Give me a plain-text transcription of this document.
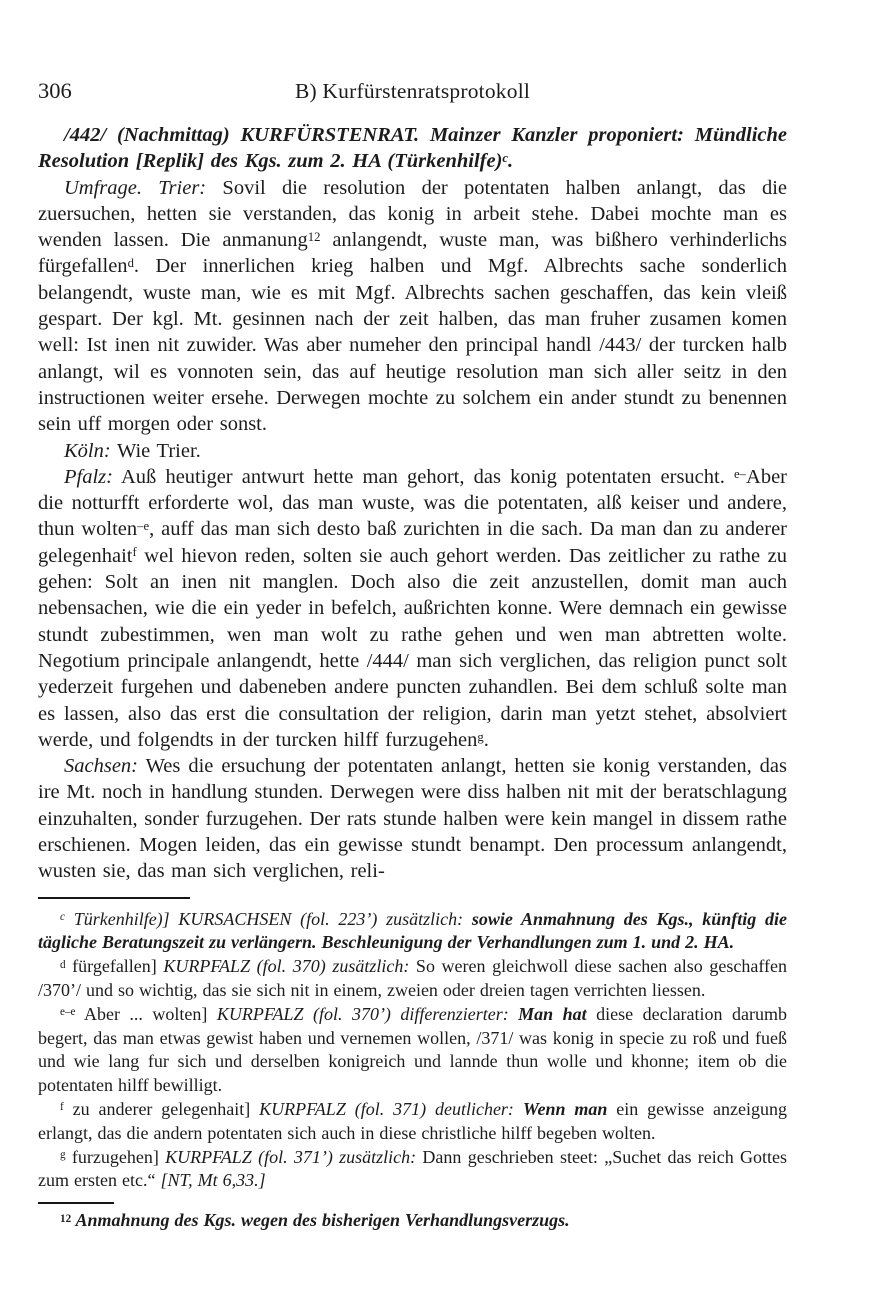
306	B) Kurfürstenratsprotokoll

/442/ (Nachmittag) KURFÜRSTENRAT. Mainzer Kanzler proponiert: Mündliche Resolution [Replik] des Kgs. zum 2. HA (Türkenhilfe)$^c$.

Umfrage. Trier: Sovil die resolution der potentaten halben anlangt, das die zuersuchen, hetten sie verstanden, das konig in arbeit stehe. Dabei mochte man es wenden lassen. Die anmanung$^{12}$ anlangendt, wuste man, was bißhero verhinderlichs fürgefallen$^d$. Der innerlichen krieg halben und Mgf. Albrechts sache sonderlich belangendt, wuste man, wie es mit Mgf. Albrechts sachen geschaffen, das kein vleiß gespart. Der kgl. Mt. gesinnen nach der zeit halben, das man fruher zusamen komen well: Ist inen nit zuwider. Was aber numeher den principal handl /443/ der turcken halb anlangt, wil es vonnoten sein, das auf heutige resolution man sich aller seitz in den instructionen weiter ersehe. Derwegen mochte zu solchem ein ander stundt zu benennen sein uff morgen oder sonst.

Köln: Wie Trier.

Pfalz: Auß heutiger antwurt hette man gehort, das konig potentaten ersucht. $^{e-}$Aber die notturfft erforderte wol, das man wuste, was die potentaten, alß keiser und andere, thun wolten$^{-e}$, auff das man sich desto baß zurichten in die sach. Da man dan zu anderer gelegenhait$^f$ wel hievon reden, solten sie auch gehort werden. Das zeitlicher zu rathe zu gehen: Solt an inen nit manglen. Doch also die zeit anzustellen, domit man auch nebensachen, wie die ein yeder in befelch, außrichten konne. Were demnach ein gewisse stundt zubestimmen, wen man wolt zu rathe gehen und wen man abtretten wolte. Negotium principale anlangendt, hette /444/ man sich verglichen, das religion punct solt yederzeit furgehen und dabeneben andere puncten zuhandlen. Bei dem schluß solte man es lassen, also das erst die consultation der religion, darin man yetzt stehet, absolviert werde, und folgendts in der turcken hilff furzugehen$^g$.

Sachsen: Wes die ersuchung der potentaten anlangt, hetten sie konig verstanden, das ire Mt. noch in handlung stunden. Derwegen were diss halben nit mit der beratschlagung einzuhalten, sonder furzugehen. Der rats stunde halben were kein mangel in dissem rathe erschienen. Mogen leiden, das ein gewisse stundt benampt. Den processum anlangendt, wusten sie, das man sich verglichen, reli-

$^c$ Türkenhilfe)] KURSACHSEN (fol. 223’) zusätzlich: sowie Anmahnung des Kgs., künftig die tägliche Beratungszeit zu verlängern. Beschleunigung der Verhandlungen zum 1. und 2. HA.

$^d$ fürgefallen] KURPFALZ (fol. 370) zusätzlich: So weren gleichwoll diese sachen also geschaffen /370’/ und so wichtig, das sie sich nit in einem, zweien oder dreien tagen verrichten liessen.

$^{e-e}$ Aber ... wolten] KURPFALZ (fol. 370’) differenzierter: Man hat diese declaration darumb begert, das man etwas gewist haben und vernemen wollen, /371/ was konig in specie zu roß und fueß und wie lang fur sich und derselben konigreich und lannde thun wolle und khonne; item ob die potentaten hilff bewilligt.

$^f$ zu anderer gelegenhait] KURPFALZ (fol. 371) deutlicher: Wenn man ein gewisse anzeigung erlangt, das die andern potentaten sich auch in diese christliche hilff begeben wolten.

$^g$ furzugehen] KURPFALZ (fol. 371’) zusätzlich: Dann geschrieben steet: „Suchet das reich Gottes zum ersten etc.“ [NT, Mt 6,33.]

$^{12}$ Anmahnung des Kgs. wegen des bisherigen Verhandlungsverzugs.
